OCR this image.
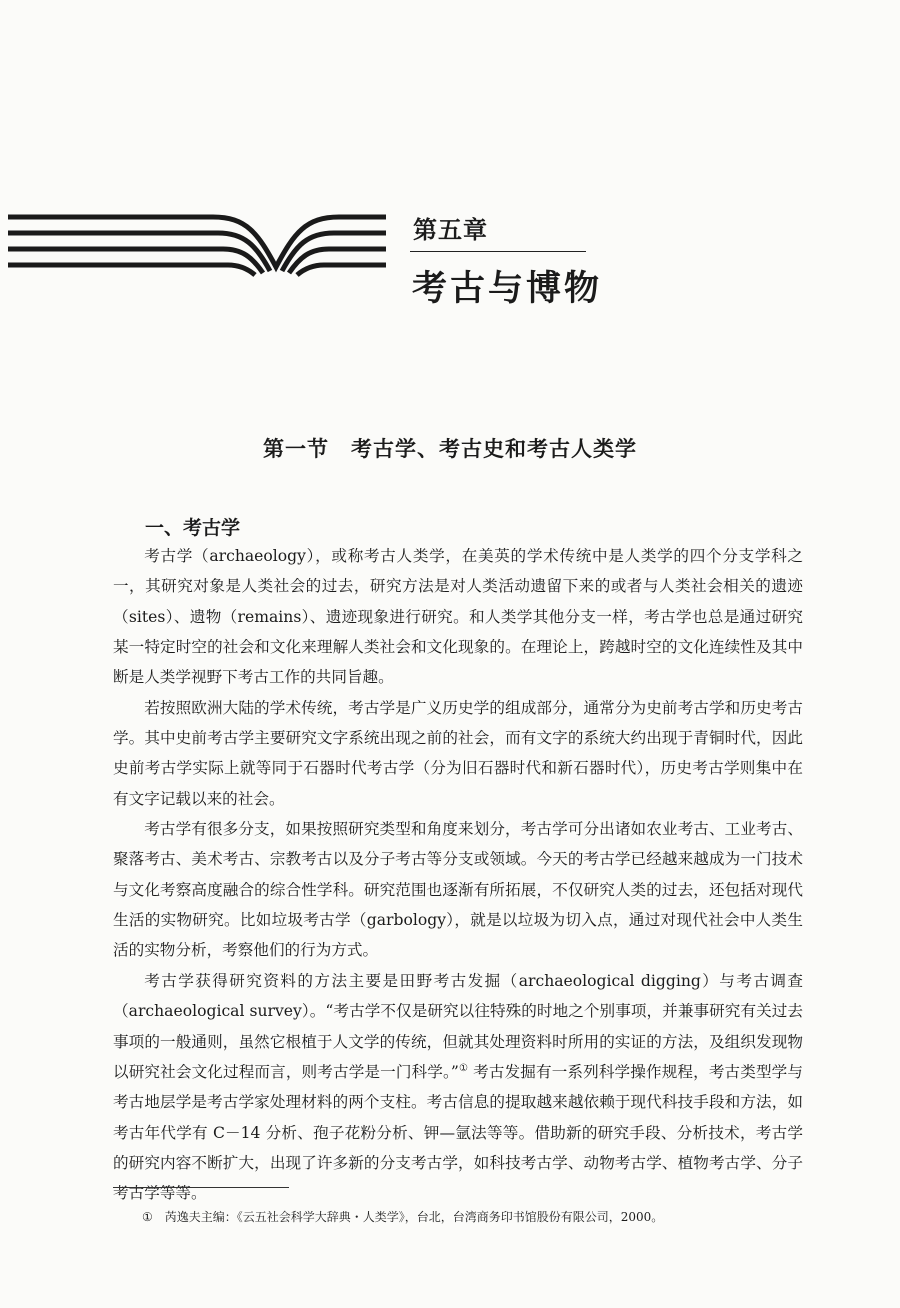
第五章
考古与博物
第一节　考古学、考古史和考古人类学
一、考古学

考古学（archaeology），或称考古人类学，在美英的学术传统中是人类学的四个分支学科之一，其研究对象是人类社会的过去，研究方法是对人类活动遗留下来的或者与人类社会相关的遗迹（sites）、遗物（remains）、遗迹现象进行研究。和人类学其他分支一样，考古学也总是通过研究某一特定时空的社会和文化来理解人类社会和文化现象的。在理论上，跨越时空的文化连续性及其中断是人类学视野下考古工作的共同旨趣。

若按照欧洲大陆的学术传统，考古学是广义历史学的组成部分，通常分为史前考古学和历史考古学。其中史前考古学主要研究文字系统出现之前的社会，而有文字的系统大约出现于青铜时代，因此史前考古学实际上就等同于石器时代考古学（分为旧石器时代和新石器时代），历史考古学则集中在有文字记载以来的社会。

考古学有很多分支，如果按照研究类型和角度来划分，考古学可分出诸如农业考古、工业考古、聚落考古、美术考古、宗教考古以及分子考古等分支或领域。今天的考古学已经越来越成为一门技术与文化考察高度融合的综合性学科。研究范围也逐渐有所拓展，不仅研究人类的过去，还包括对现代生活的实物研究。比如垃圾考古学（garbology），就是以垃圾为切入点，通过对现代社会中人类生活的实物分析，考察他们的行为方式。

考古学获得研究资料的方法主要是田野考古发掘（archaeological digging）与考古调查（archaeological survey）。“考古学不仅是研究以往特殊的时地之个别事项，并兼事研究有关过去事项的一般通则，虽然它根植于人文学的传统，但就其处理资料时所用的实证的方法，及组织发现物以研究社会文化过程而言，则考古学是一门科学。”① 考古发掘有一系列科学操作规程，考古类型学与考古地层学是考古学家处理材料的两个支柱。考古信息的提取越来越依赖于现代科技手段和方法，如考古年代学有 C－14 分析、孢子花粉分析、钾—氩法等等。借助新的研究手段、分析技术，考古学的研究内容不断扩大，出现了许多新的分支考古学，如科技考古学、动物考古学、植物考古学、分子考古学等等。

① 芮逸夫主编：《云五社会科学大辞典・人类学》，台北，台湾商务印书馆股份有限公司，2000。
